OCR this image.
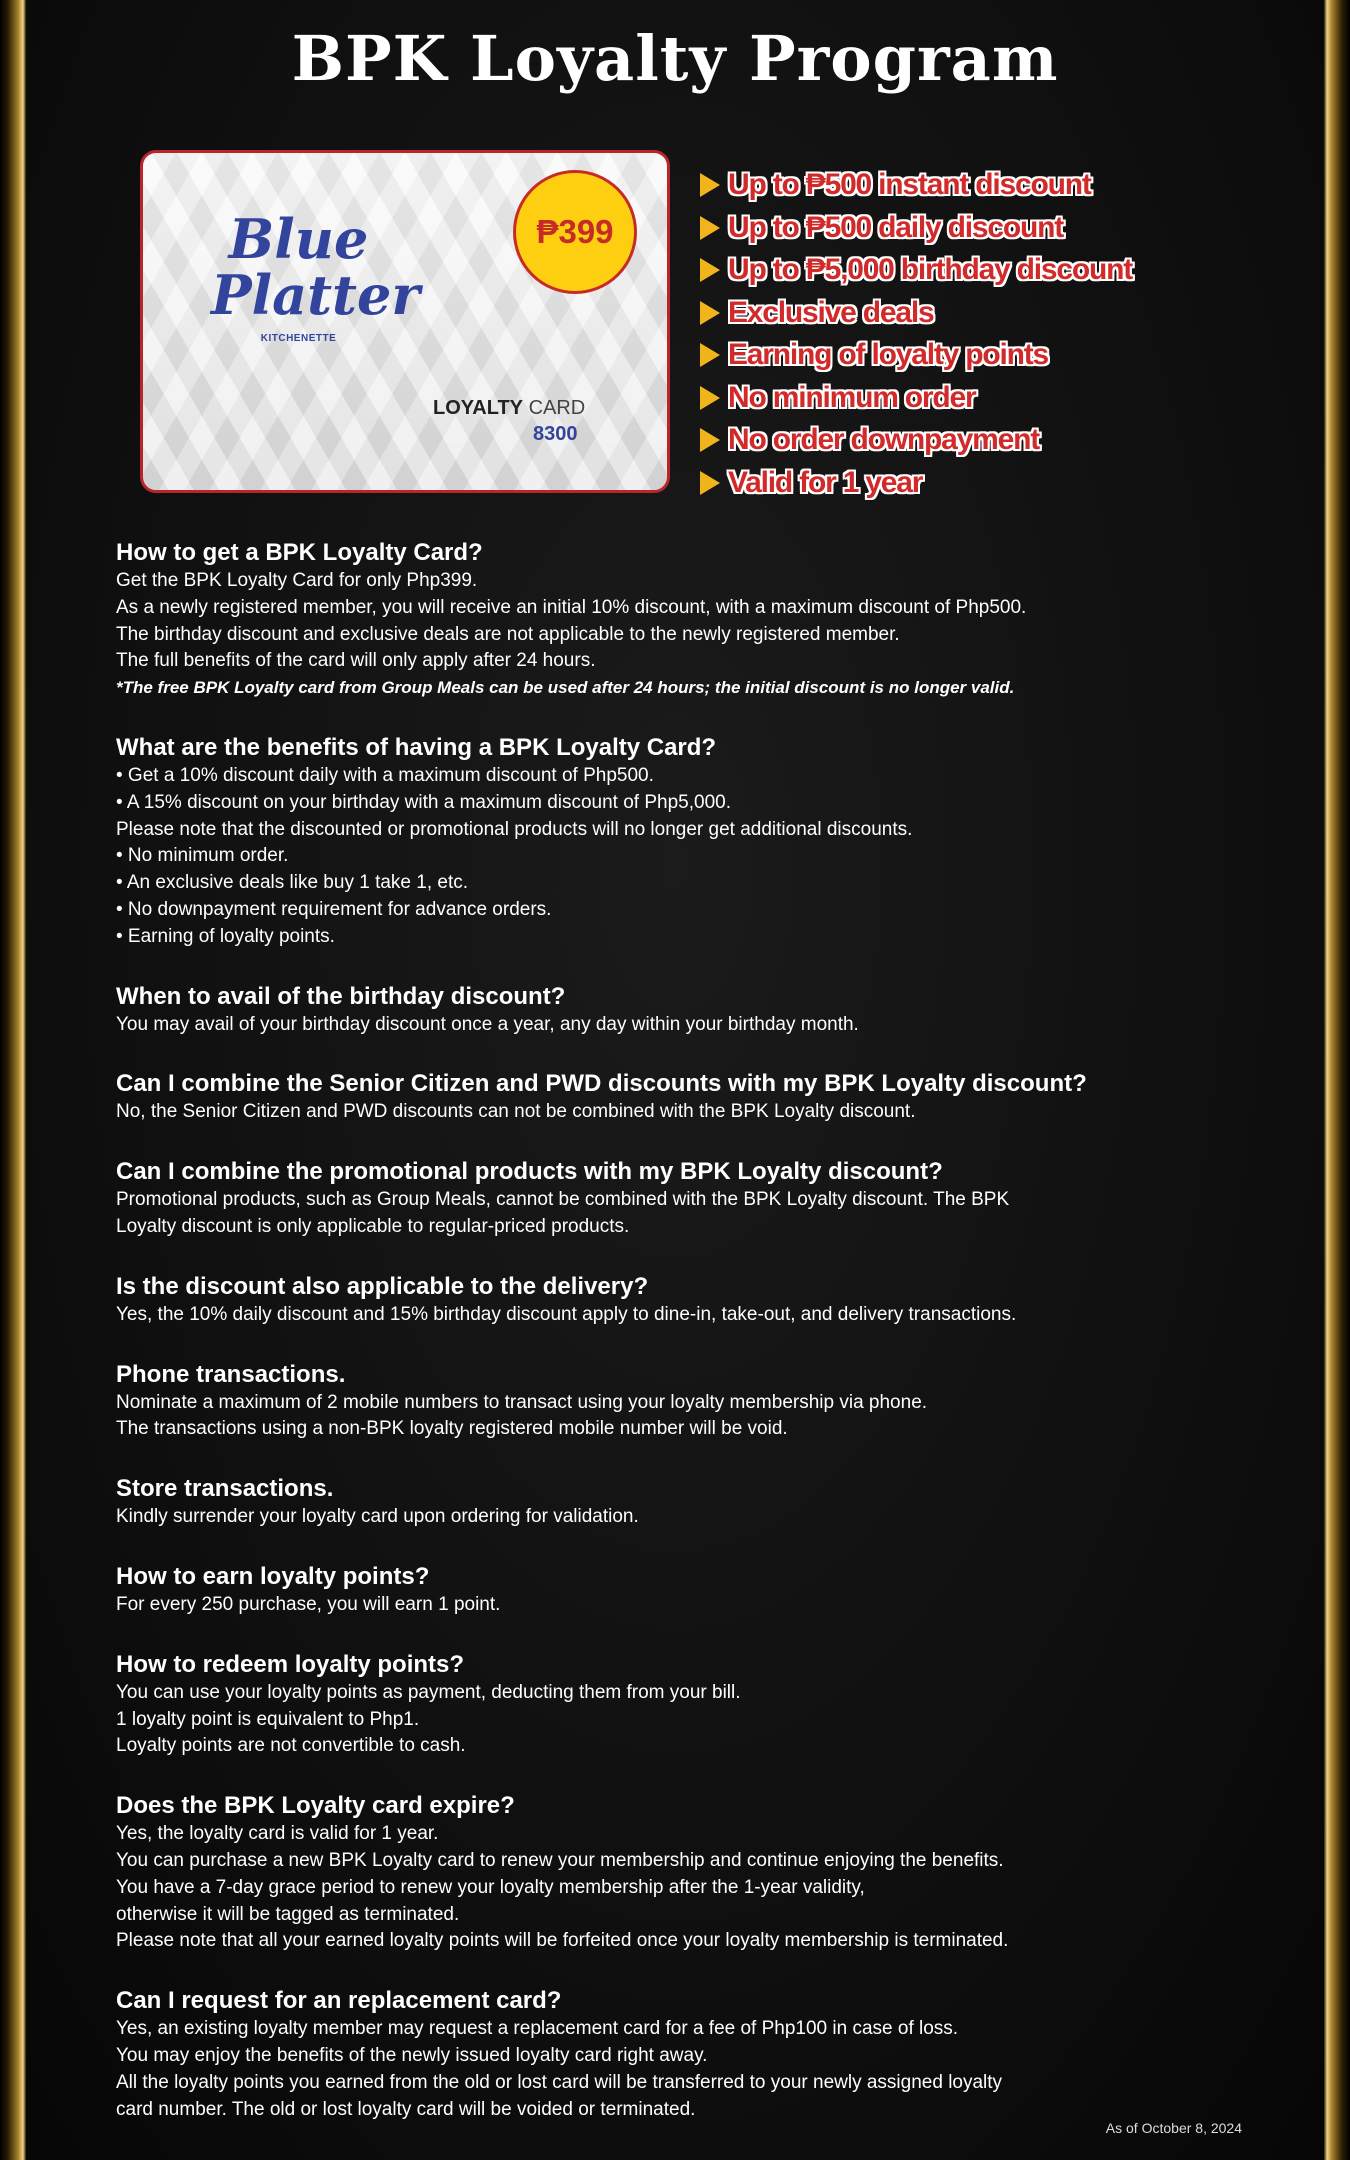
BPK Loyalty Program
Blue
Platter
KITCHENETTE
₱399
LOYALTY CARD
8300
Up to ₱500 instant discount
Up to ₱500 daily discount
Up to ₱5,000 birthday discount
Exclusive deals
Earning of loyalty points
No minimum order
No order downpayment
Valid for 1 year
How to get a BPK Loyalty Card?

Get the BPK Loyalty Card for only Php399.

As a newly registered member, you will receive an initial 10% discount, with a maximum discount of Php500.

The birthday discount and exclusive deals are not applicable to the newly registered member.

The full benefits of the card will only apply after 24 hours.

*The free BPK Loyalty card from Group Meals can be used after 24 hours; the initial discount is no longer valid.

What are the benefits of having a BPK Loyalty Card?

• Get a 10% discount daily with a maximum discount of Php500.

• A 15% discount on your birthday with a maximum discount of Php5,000.

Please note that the discounted or promotional products will no longer get additional discounts.

• No minimum order.

• An exclusive deals like buy 1 take 1, etc.

• No downpayment requirement for advance orders.

• Earning of loyalty points.

When to avail of the birthday discount?

You may avail of your birthday discount once a year, any day within your birthday month.

Can I combine the Senior Citizen and PWD discounts with my BPK Loyalty discount?

No, the Senior Citizen and PWD discounts can not be combined with the BPK Loyalty discount.

Can I combine the promotional products with my BPK Loyalty discount?

Promotional products, such as Group Meals, cannot be combined with the BPK Loyalty discount. The BPK

Loyalty discount is only applicable to regular-priced products.

Is the discount also applicable to the delivery?

Yes, the 10% daily discount and 15% birthday discount apply to dine-in, take-out, and delivery transactions.

Phone transactions.

Nominate a maximum of 2 mobile numbers to transact using your loyalty membership via phone.

The transactions using a non-BPK loyalty registered mobile number will be void.

Store transactions.

Kindly surrender your loyalty card upon ordering for validation.

How to earn loyalty points?

For every 250 purchase, you will earn 1 point.

How to redeem loyalty points?

You can use your loyalty points as payment, deducting them from your bill.

1 loyalty point is equivalent to Php1.

Loyalty points are not convertible to cash.

Does the BPK Loyalty card expire?

Yes, the loyalty card is valid for 1 year.

You can purchase a new BPK Loyalty card to renew your membership and continue enjoying the benefits.

You have a 7-day grace period to renew your loyalty membership after the 1-year validity,

otherwise it will be tagged as terminated.

Please note that all your earned loyalty points will be forfeited once your loyalty membership is terminated.

Can I request for an replacement card?

Yes, an existing loyalty member may request a replacement card for a fee of Php100 in case of loss.

You may enjoy the benefits of the newly issued loyalty card right away.

All the loyalty points you earned from the old or lost card will be transferred to your newly assigned loyalty

card number. The old or lost loyalty card will be voided or terminated.

As of October 8, 2024
